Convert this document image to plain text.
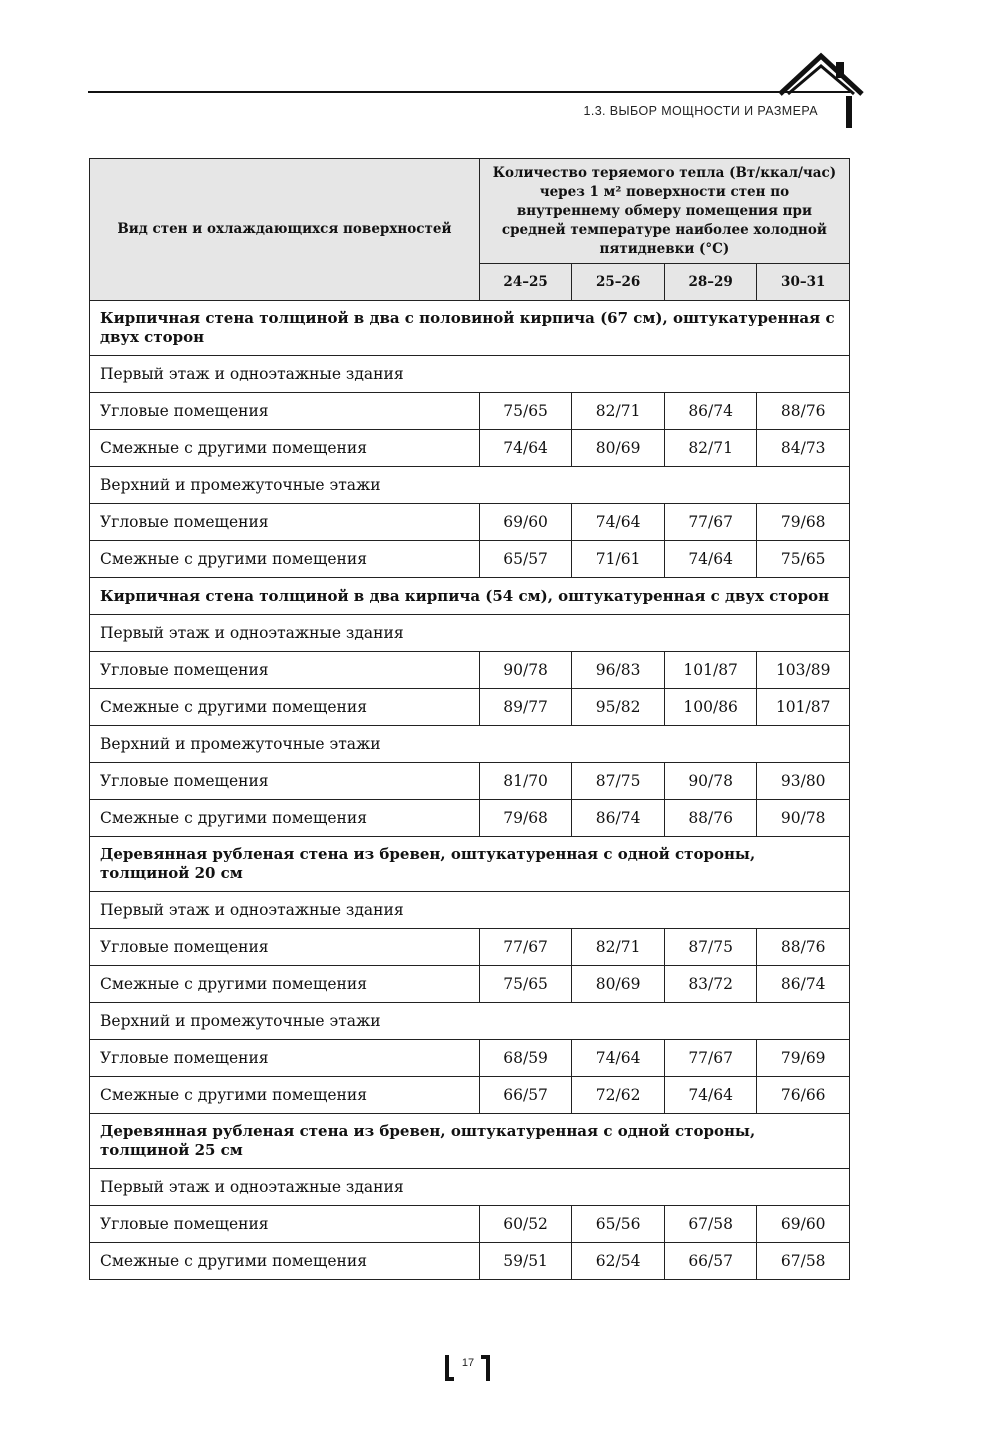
1.3. ВЫБОР МОЩНОСТИ И РАЗМЕРА
Вид стен и охлаждающихся поверхностей	Количество теряемого тепла (Вт/ккал/час) через 1 м² поверхности стен по внутреннему обмеру помещения при средней температуре наиболее холодной пятидневки (°С)			
	24–25	25–26	28–29	30–31
Кирпичная стена толщиной в два с половиной кирпича (67 см), оштукатуренная с двух сторон				
Первый этаж и одноэтажные здания				
Угловые помещения	75/65	82/71	86/74	88/76
Смежные с другими помещения	74/64	80/69	82/71	84/73
Верхний и промежуточные этажи				
Угловые помещения	69/60	74/64	77/67	79/68
Смежные с другими помещения	65/57	71/61	74/64	75/65
Кирпичная стена толщиной в два кирпича (54 см), оштукатуренная с двух сторон				
Первый этаж и одноэтажные здания				
Угловые помещения	90/78	96/83	101/87	103/89
Смежные с другими помещения	89/77	95/82	100/86	101/87
Верхний и промежуточные этажи				
Угловые помещения	81/70	87/75	90/78	93/80
Смежные с другими помещения	79/68	86/74	88/76	90/78
Деревянная рубленая стена из бревен, оштукатуренная с одной стороны, толщиной 20 см				
Первый этаж и одноэтажные здания				
Угловые помещения	77/67	82/71	87/75	88/76
Смежные с другими помещения	75/65	80/69	83/72	86/74
Верхний и промежуточные этажи				
Угловые помещения	68/59	74/64	77/67	79/69
Смежные с другими помещения	66/57	72/62	74/64	76/66
Деревянная рубленая стена из бревен, оштукатуренная с одной стороны, толщиной 25 см				
Первый этаж и одноэтажные здания				
Угловые помещения	60/52	65/56	67/58	69/60
Смежные с другими помещения	59/51	62/54	66/57	67/58
17
